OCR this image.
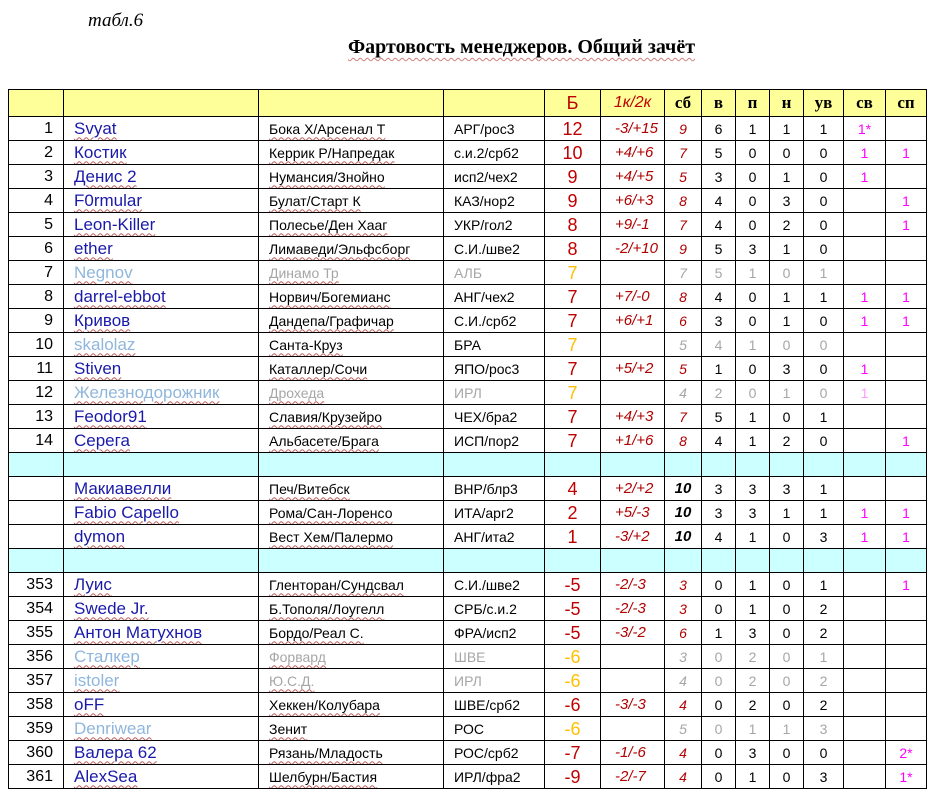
табл.6
Фартовость менеджеров. Общий зачёт
				Б	1к/2к	сб	в	п	н	ув	св	сп
1	Svyat	Бока Х/Арсенал Т	АРГ/рос3	12	-3/+15	9	6	1	1	1	1*	
2	Костик	Керрик Р/Напредак	с.и.2/срб2	10	+4/+6	7	5	0	0	0	1	1
3	Денис 2	Нумансия/Знойно	исп2/чех2	9	+4/+5	5	3	0	1	0	1	
4	F0rmular	Булат/Старт К	КАЗ/нор2	9	+6/+3	8	4	0	3	0		1
5	Leon-Killer	Полесье/Ден Хааг	УКР/гол2	8	+9/-1	7	4	0	2	0		1
6	ether	Лимаведи/Эльфсборг	С.И./шве2	8	-2/+10	9	5	3	1	0		
7	Negnov	Динамо Тр	АЛБ	7		7	5	1	0	1		
8	darrel-ebbot	Норвич/Богемианс	АНГ/чех2	7	+7/-0	8	4	0	1	1	1	1
9	Кривов	Дандепа/Графичар	С.И./срб2	7	+6/+1	6	3	0	1	0	1	1
10	skalolaz	Санта-Круз	БРА	7		5	4	1	0	0		
11	Stiven	Каталлер/Сочи	ЯПО/рос3	7	+5/+2	5	1	0	3	0	1	
12	Железнодорожник	Дрохеда	ИРЛ	7		4	2	0	1	0	1	
13	Feodor91	Славия/Крузейро	ЧЕХ/бра2	7	+4/+3	7	5	1	0	1		
14	Серега	Альбасете/Брага	ИСП/пор2	7	+1/+6	8	4	1	2	0		1

	Макиавелли	Печ/Витебск	ВНР/блр3	4	+2/+2	10	3	3	3	1		
	Fabio Capello	Рома/Сан-Лоренсо	ИТА/арг2	2	+5/-3	10	3	3	1	1	1	1
	dymon	Вест Хем/Палермо	АНГ/ита2	1	-3/+2	10	4	1	0	3	1	1

353	Луис	Гленторан/Сундсвал	С.И./шве2	-5	-2/-3	3	0	1	0	1		1
354	Swede Jr.	Б.Тополя/Лоугелл	СРБ/с.и.2	-5	-2/-3	3	0	1	0	2		
355	Антон Матухнов	Бордо/Реал С.	ФРА/исп2	-5	-3/-2	6	1	3	0	2		
356	Сталкер	Форвард	ШВЕ	-6		3	0	2	0	1		
357	istoler	Ю.С.Д.	ИРЛ	-6		4	0	2	0	2		
358	oFF	Хеккен/Колубара	ШВЕ/срб2	-6	-3/-3	4	0	2	0	2		
359	Denriwear	Зенит	РОС	-6		5	0	1	1	3		
360	Валера 62	Рязань/Младость	РОС/срб2	-7	-1/-6	4	0	3	0	0		2*
361	AlexSea	Шелбурн/Бастия	ИРЛ/фра2	-9	-2/-7	4	0	1	0	3		1*
